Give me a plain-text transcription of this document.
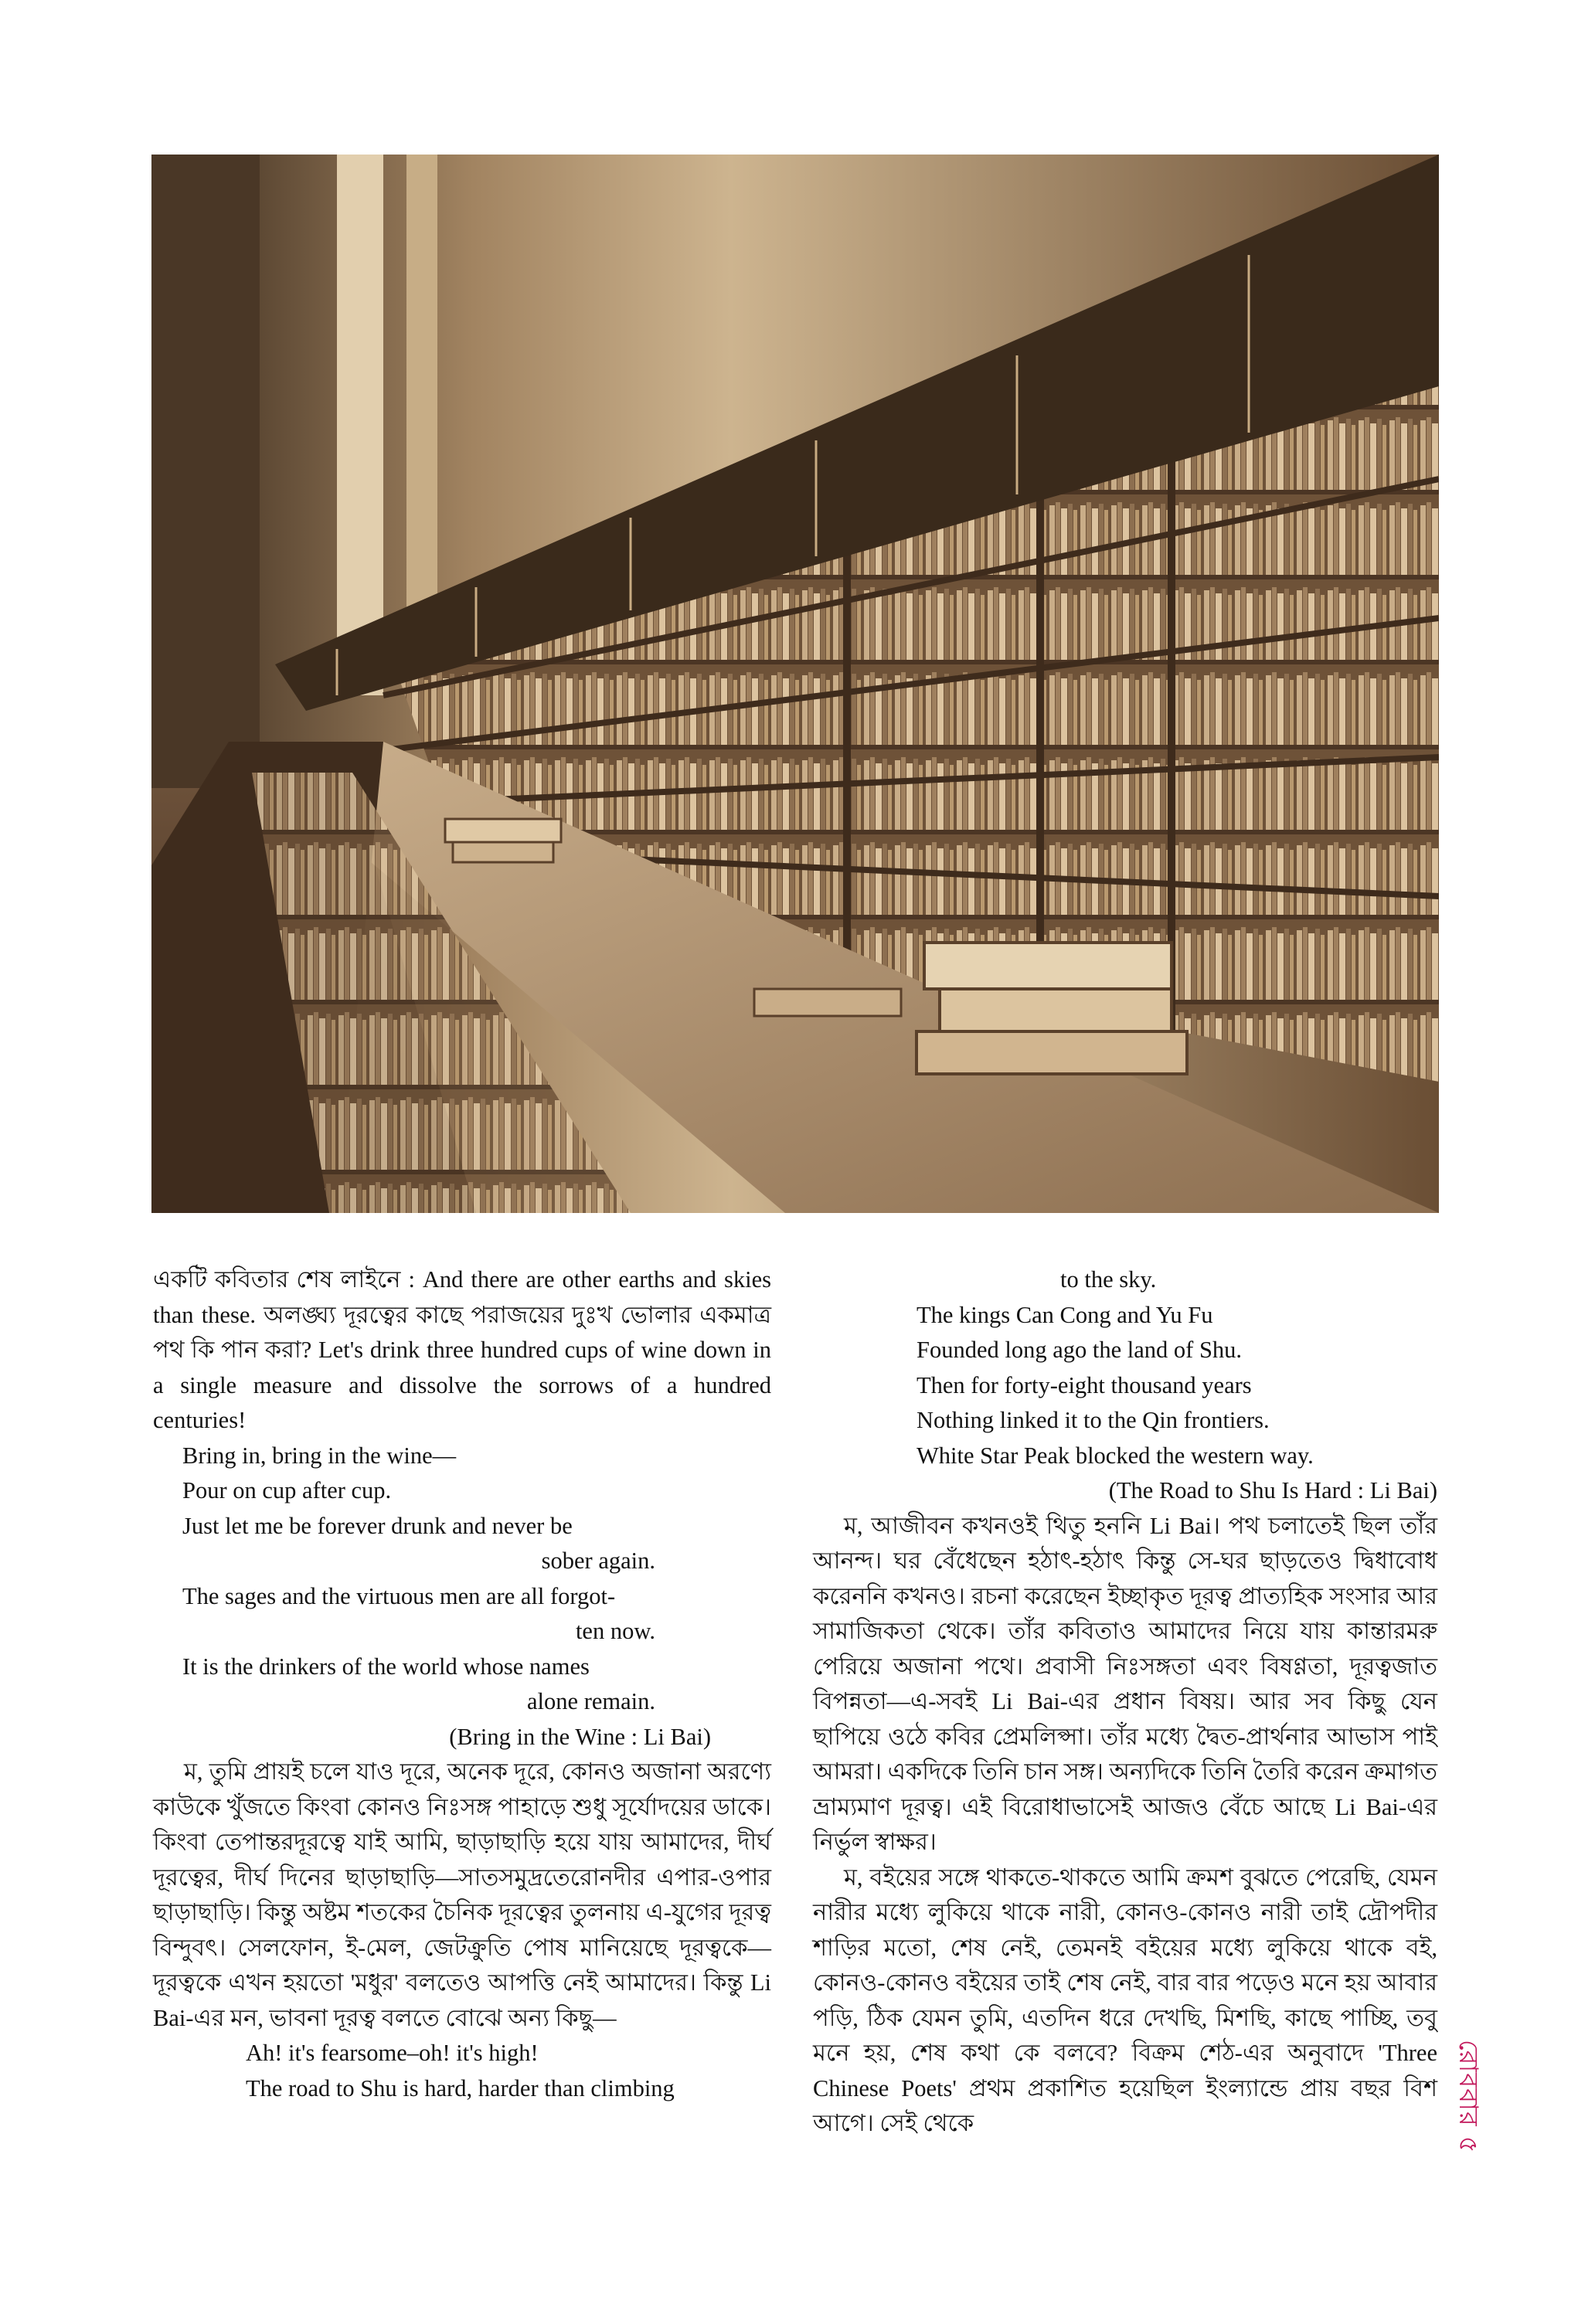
একটি কবিতার শেষ লাইনে : And there are other earths and skies than these. অলঙ্ঘ্য দূরত্বের কাছে পরাজয়ের দুঃখ ভোলার একমাত্র পথ কি পান করা? Let's drink three hundred cups of wine down in a single measure and dissolve the sorrows of a hundred centuries!

Bring in, bring in the wine—
Pour on cup after cup.
Just let me be forever drunk and never be
sober again.
The sages and the virtuous men are all forgot-
ten now.
It is the drinkers of the world whose names
alone remain.
(Bring in the Wine : Li Bai)

ম, তুমি প্রায়ই চলে যাও দূরে, অনেক দূরে, কোনও অজানা অরণ্যে কাউকে খুঁজতে কিংবা কোনও নিঃসঙ্গ পাহাড়ে শুধু সূর্যোদয়ের ডাকে। কিংবা তেপান্তরদূরত্বে যাই আমি, ছাড়াছাড়ি হয়ে যায় আমাদের, দীর্ঘ দূরত্বের, দীর্ঘ দিনের ছাড়াছাড়ি—সাতসমুদ্রতেরোনদীর এপার-ওপার ছাড়াছাড়ি। কিন্তু অষ্টম শতকের চৈনিক দূরত্বের তুলনায় এ-যুগের দূরত্ব বিন্দুবৎ। সেলফোন, ই-মেল, জেটক্রুতি পোষ মানিয়েছে দূরত্বকে—দূরত্বকে এখন হয়তো 'মধুর' বলতেও আপত্তি নেই আমাদের। কিন্তু Li Bai-এর মন, ভাবনা দূরত্ব বলতে বোঝে অন্য কিছু—

Ah! it's fearsome–oh! it's high!
The road to Shu is hard, harder than climbing
to the sky.
The kings Can Cong and Yu Fu
Founded long ago the land of Shu.
Then for forty-eight thousand years
Nothing linked it to the Qin frontiers.
White Star Peak blocked the western way.
(The Road to Shu Is Hard : Li Bai)

ম, আজীবন কখনওই থিতু হননি Li Bai। পথ চলাতেই ছিল তাঁর আনন্দ। ঘর বেঁধেছেন হঠাৎ-হঠাৎ কিন্তু সে-ঘর ছাড়তেও দ্বিধাবোধ করেননি কখনও। রচনা করেছেন ইচ্ছাকৃত দূরত্ব প্রাত্যহিক সংসার আর সামাজিকতা থেকে। তাঁর কবিতাও আমাদের নিয়ে যায় কান্তারমরু পেরিয়ে অজানা পথে। প্রবাসী নিঃসঙ্গতা এবং বিষণ্ণতা, দূরত্বজাত বিপন্নতা—এ-সবই Li Bai-এর প্রধান বিষয়। আর সব কিছু যেন ছাপিয়ে ওঠে কবির প্রেমলিপ্সা। তাঁর মধ্যে দ্বৈত-প্রার্থনার আভাস পাই আমরা। একদিকে তিনি চান সঙ্গ। অন্যদিকে তিনি তৈরি করেন ক্রমাগত ভ্রাম্যমাণ দূরত্ব। এই বিরোধাভাসেই আজও বেঁচে আছে Li Bai-এর নির্ভুল স্বাক্ষর।

ম, বইয়ের সঙ্গে থাকতে-থাকতে আমি ক্রমশ বুঝতে পেরেছি, যেমন নারীর মধ্যে লুকিয়ে থাকে নারী, কোনও-কোনও নারী তাই দ্রৌপদীর শাড়ির মতো, শেষ নেই, তেমনই বইয়ের মধ্যে লুকিয়ে থাকে বই, কোনও-কোনও বইয়ের তাই শেষ নেই, বার বার পড়েও মনে হয় আবার পড়ি, ঠিক যেমন তুমি, এতদিন ধরে দেখছি, মিশছি, কাছে পাচ্ছি, তবু মনে হয়, শেষ কথা কে বলবে? বিক্রম শেঠ-এর অনুবাদে 'Three Chinese Poets' প্রথম প্রকাশিত হয়েছিল ইংল্যান্ডে প্রায় বছর বিশ আগে। সেই থেকে	রোববার ৫
